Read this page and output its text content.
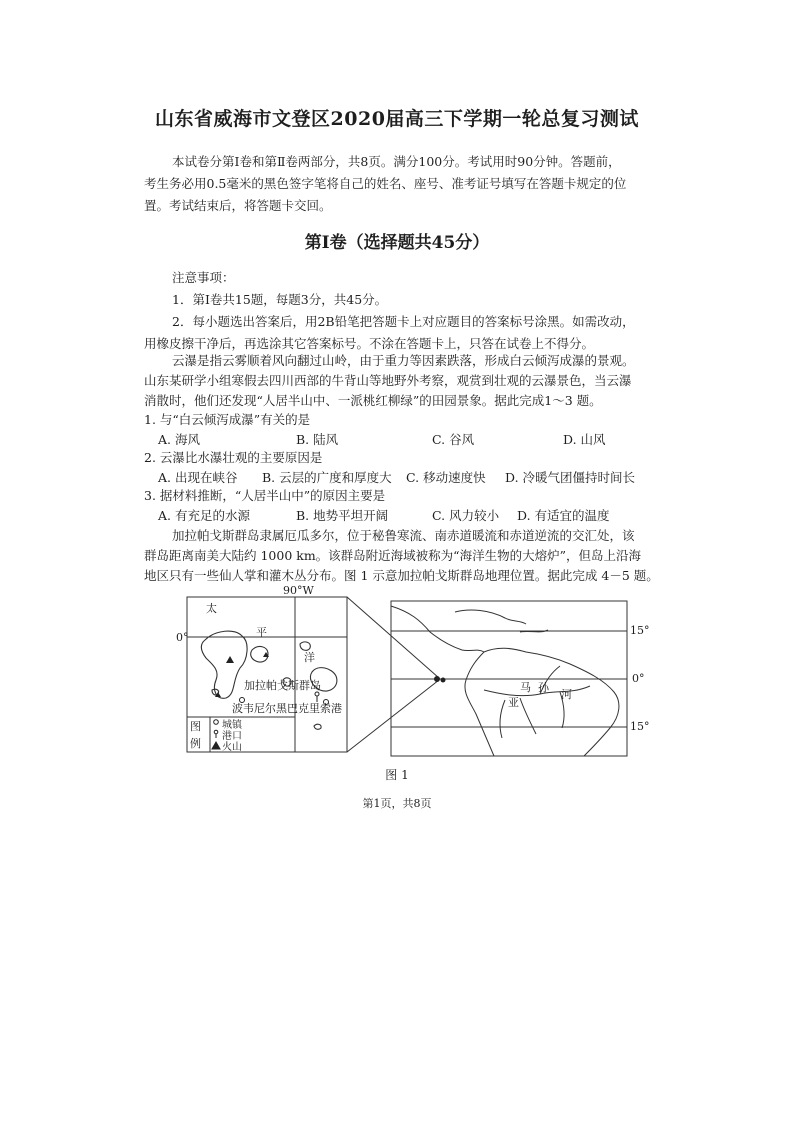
山东省威海市文登区2020届高三下学期一轮总复习测试
本试卷分第Ⅰ卷和第Ⅱ卷两部分，共8页。满分100分。考试用时90分钟。答题前，
考生务必用0.5毫米的黑色签字笔将自己的姓名、座号、准考证号填写在答题卡规定的位
置。考试结束后，将答题卡交回。
第Ⅰ卷（选择题共45分）
注意事项：
1．第Ⅰ卷共15题，每题3分，共45分。
2．每小题选出答案后，用2B铅笔把答题卡上对应题目的答案标号涂黑。如需改动，
用橡皮擦干净后，再选涂其它答案标号。不涂在答题卡上，只答在试卷上不得分。
云瀑是指云雾顺着风向翻过山岭，由于重力等因素跌落，形成白云倾泻成瀑的景观。
山东某研学小组寒假去四川西部的牛背山等地野外考察，观赏到壮观的云瀑景色，当云瀑
消散时，他们还发现“人居半山中、一派桃红柳绿”的田园景象。据此完成1～3 题。
1. 与“白云倾泻成瀑”有关的是
A. 海风	B. 陆风	C. 谷风	D. 山风
2. 云瀑比水瀑壮观的主要原因是
A. 出现在峡谷 B. 云层的广度和厚度大 C. 移动速度快 D. 冷暖气团僵持时间长
3. 据材料推断，“人居半山中”的原因主要是
A. 有充足的水源	B. 地势平坦开阔	C. 风力较小 D. 有适宜的温度
加拉帕戈斯群岛隶属厄瓜多尔，位于秘鲁寒流、南赤道暖流和赤道逆流的交汇处，该
群岛距离南美大陆约 1000 km。该群岛附近海域被称为“海洋生物的大熔炉”，但岛上沿海
地区只有一些仙人掌和灌木丛分布。图 1 示意加拉帕戈斯群岛地理位置。据此完成 4－5 题。
90°W
0°
太
平
洋
加拉帕戈斯群岛
波韦尼尔 黑巴克里索港
图
例
城镇
港口
火山
15°
0°
15°
马 孙
河
亚
图 1
第1页，共8页
